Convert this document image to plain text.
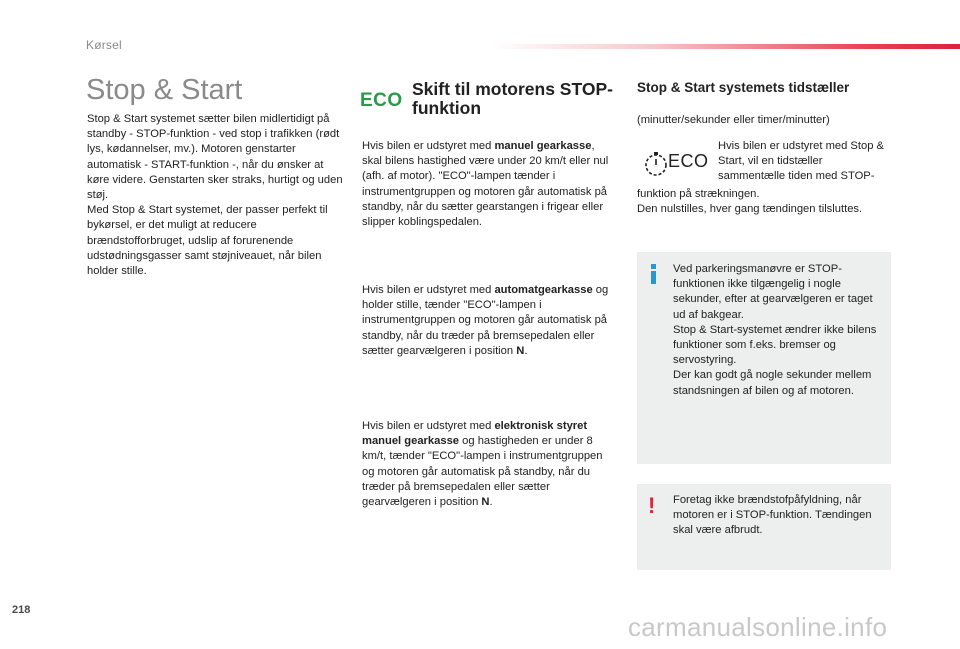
Kørsel
Stop & Start

Stop & Start systemet sætter bilen midlertidigt på standby - STOP-funktion - ved stop i trafikken (rødt lys, kødannelser, mv.). Motoren genstarter automatisk - START-funktion -, når du ønsker at køre videre. Genstarten sker straks, hurtigt og uden støj.

Med Stop & Start systemet, der passer perfekt til bykørsel, er det muligt at reducere brændstofforbruget, udslip af forurenende udstødningsgasser samt støjniveauet, når bilen holder stille.

ECO
Skift til motorens STOP-funktion

Hvis bilen er udstyret med manuel gearkasse, skal bilens hastighed være under 20 km/t eller nul (afh. af motor). "ECO"-lampen tænder i instrumentgruppen og motoren går automatisk på standby, når du sætter gearstangen i frigear eller slipper koblingspedalen.

Hvis bilen er udstyret med automatgearkasse og holder stille, tænder "ECO"-lampen i instrumentgruppen og motoren går automatisk på standby, når du træder på bremsepedalen eller sætter gearvælgeren i position N.

Hvis bilen er udstyret med elektronisk styret manuel gearkasse og hastigheden er under 8 km/t, tænder "ECO"-lampen i instrumentgruppen og motoren går automatisk på standby, når du træder på bremsepedalen eller sætter gearvælgeren i position N.

Stop & Start systemets tidstæller

(minutter/sekunder eller timer/minutter)

ECO

Hvis bilen er udstyret med Stop & Start, vil en tidstæller sammentælle tiden med STOP-

funktion på strækningen.
Den nulstilles, hver gang tændingen tilsluttes.
Ved parkeringsmanøvre er STOP-funktionen ikke tilgængelig i nogle sekunder, efter at gearvælgeren er taget ud af bakgear.
Stop & Start-systemet ændrer ikke bilens funktioner som f.eks. bremser og servostyring.
Der kan godt gå nogle sekunder mellem standsningen af bilen og af motoren.
! Foretag ikke brændstofpåfyldning, når motoren er i STOP-funktion. Tændingen skal være afbrudt.

218
carmanualsonline.info
